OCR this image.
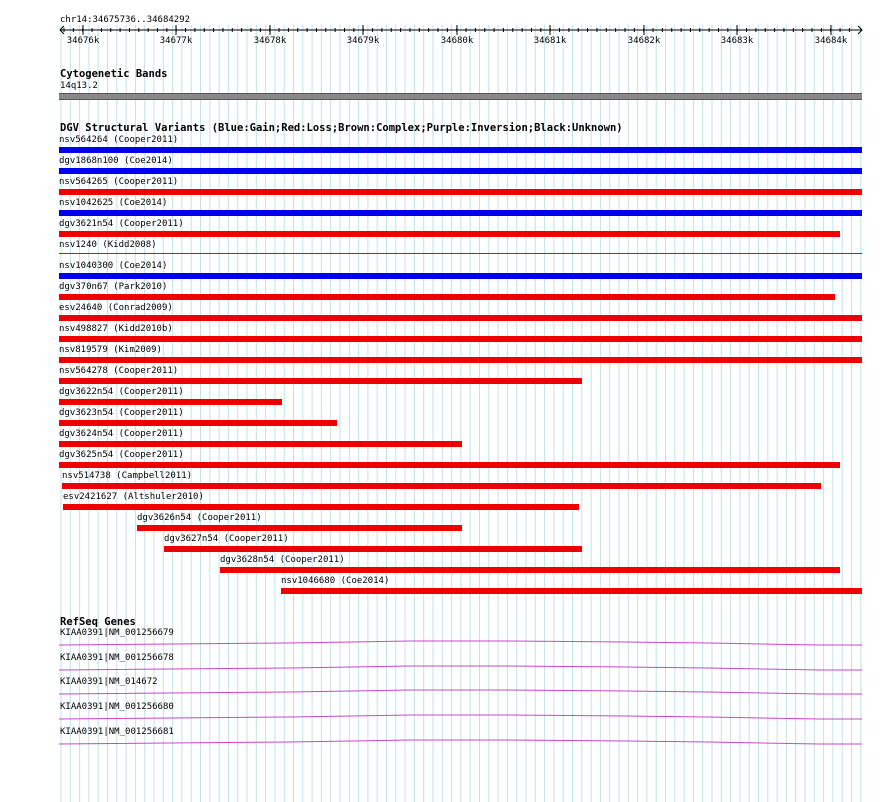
chr14:34675736..34684292
34676k	34677k	34678k	34679k	34680k	34681k	34682k	34683k	34684k
Cytogenetic Bands
14q13.2
DGV Structural Variants (Blue:Gain;Red:Loss;Brown:Complex;Purple:Inversion;Black:Unknown)
nsv564264 (Cooper2011)
dgv1868n100 (Coe2014)
nsv564265 (Cooper2011)
nsv1042625 (Coe2014)
dgv3621n54 (Cooper2011)
nsv1240 (Kidd2008)
nsv1040300 (Coe2014)
dgv370n67 (Park2010)
esv24640 (Conrad2009)
nsv498827 (Kidd2010b)
nsv819579 (Kim2009)
nsv564278 (Cooper2011)
dgv3622n54 (Cooper2011)
dgv3623n54 (Cooper2011)
dgv3624n54 (Cooper2011)
dgv3625n54 (Cooper2011)
nsv514738 (Campbell2011)
esv2421627 (Altshuler2010)
dgv3626n54 (Cooper2011)
dgv3627n54 (Cooper2011)
dgv3628n54 (Cooper2011)
nsv1046680 (Coe2014)
RefSeq Genes
KIAA0391|NM_001256679
KIAA0391|NM_001256678
KIAA0391|NM_014672
KIAA0391|NM_001256680
KIAA0391|NM_001256681
